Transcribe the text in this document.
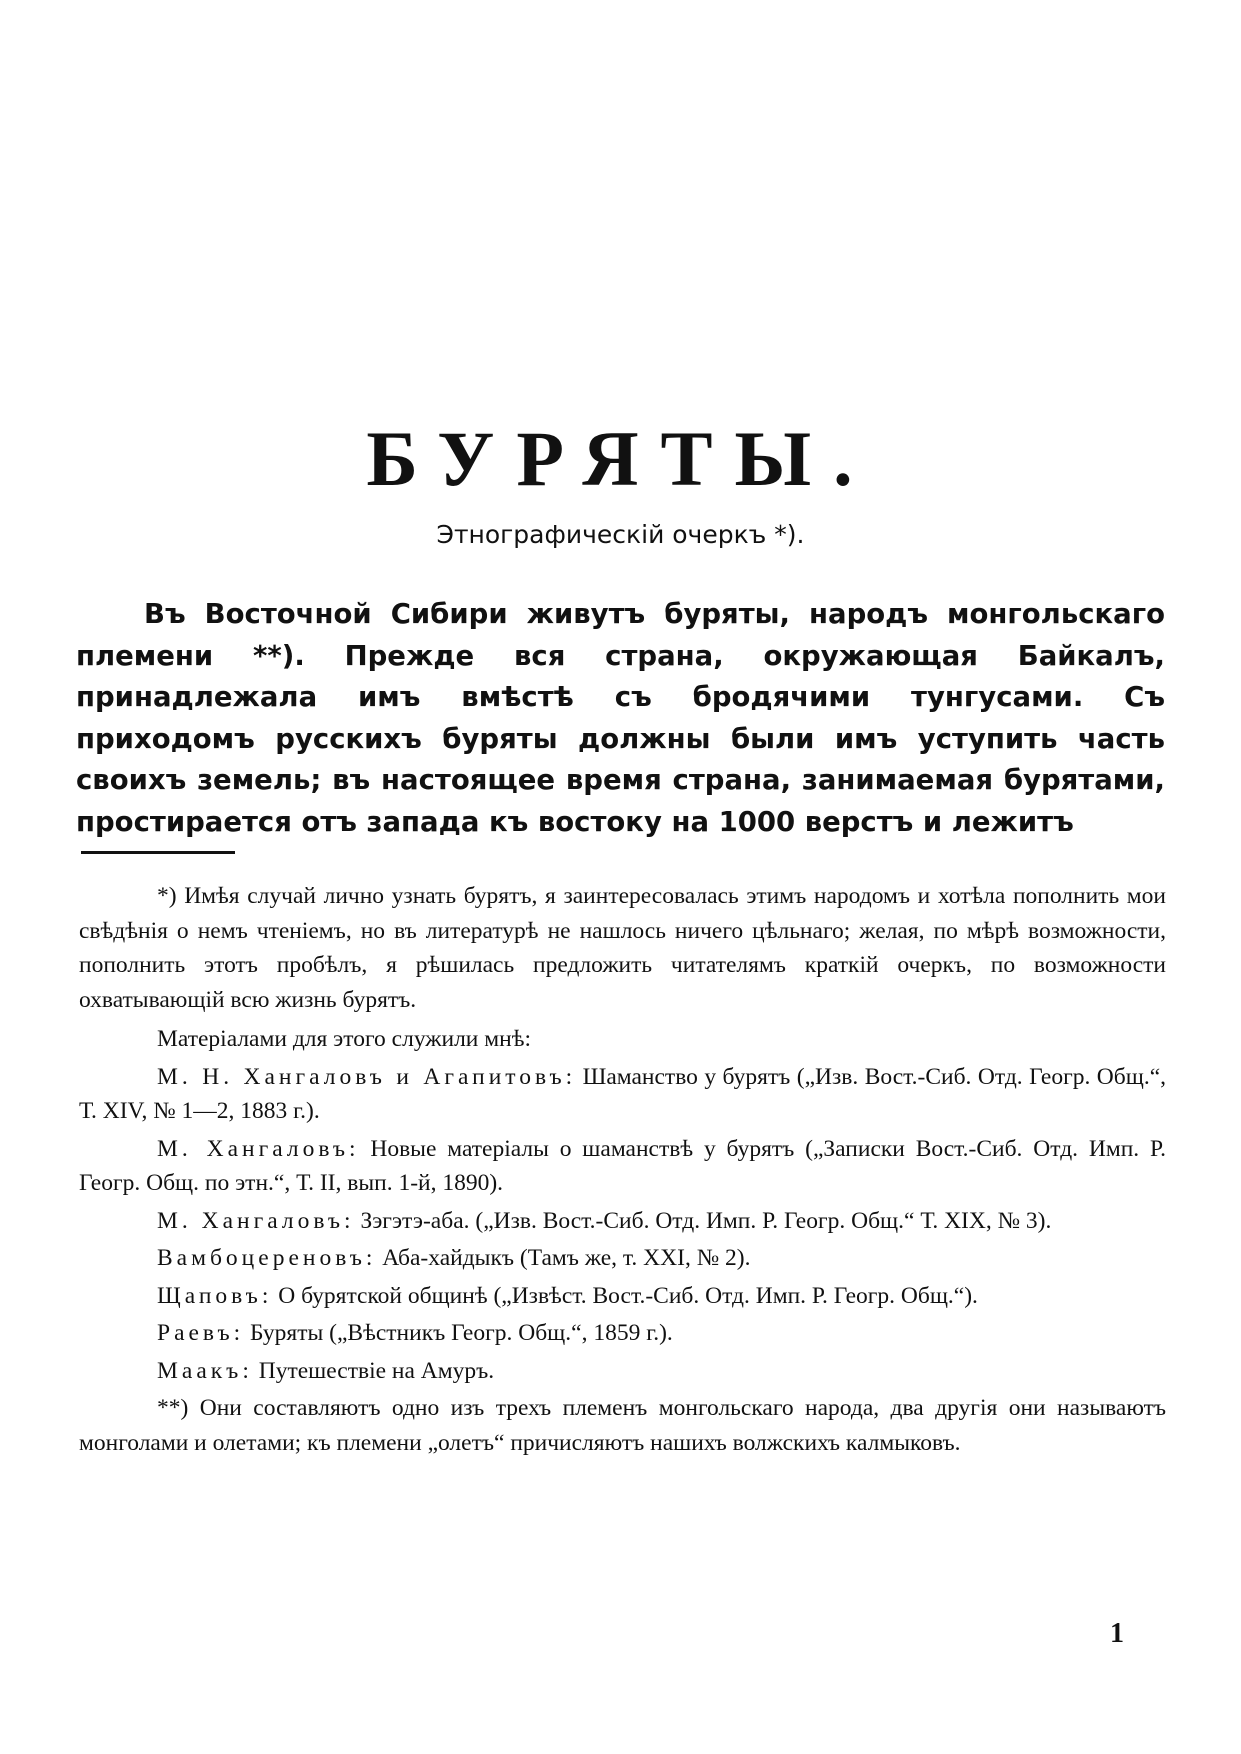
БУРЯТЫ.
Этнографическій очеркъ *).

Въ Восточной Сибири живутъ буряты, народъ монгольскаго племени **). Прежде вся страна, окружающая Байкалъ, принадлежала имъ вмѣстѣ съ бродячими тунгусами. Съ приходомъ русскихъ буряты должны были имъ уступить часть своихъ земель; въ настоящее время страна, занимаемая бурятами, простирается отъ запада къ востоку на 1000 верстъ и лежитъ

*) Имѣя случай лично узнать бурятъ, я заинтересовалась этимъ народомъ и хотѣла пополнить мои свѣдѣнія о немъ чтеніемъ, но въ литературѣ не нашлось ничего цѣльнаго; желая, по мѣрѣ возможности, пополнить этотъ пробѣлъ, я рѣшилась предложить читателямъ краткій очеркъ, по возможности охватывающій всю жизнь бурятъ.

Матеріалами для этого служили мнѣ:

М. Н. Хангаловъ и Агапитовъ: Шаманство у бурятъ („Изв. Вост.-Сиб. Отд. Геогр. Общ.“, Т. XIV, № 1—2, 1883 г.).

М. Хангаловъ: Новые матеріалы о шаманствѣ у бурятъ („Записки Вост.-Сиб. Отд. Имп. Р. Геогр. Общ. по этн.“, Т. II, вып. 1-й, 1890).

М. Хангаловъ: Зэгэтэ-аба. („Изв. Вост.-Сиб. Отд. Имп. Р. Геогр. Общ.“ Т. XIX, № 3).

Вамбоцереновъ: Аба-хайдыкъ (Тамъ же, т. XXI, № 2).

Щаповъ: О бурятской общинѣ („Извѣст. Вост.-Сиб. Отд. Имп. Р. Геогр. Общ.“).

Раевъ: Буряты („Вѣстникъ Геогр. Общ.“, 1859 г.).

Маакъ: Путешествіе на Амуръ.

**) Они составляютъ одно изъ трехъ племенъ монгольскаго народа, два другія они называютъ монголами и олетами; къ племени „олетъ“ причисляютъ нашихъ волжскихъ калмыковъ.

1
